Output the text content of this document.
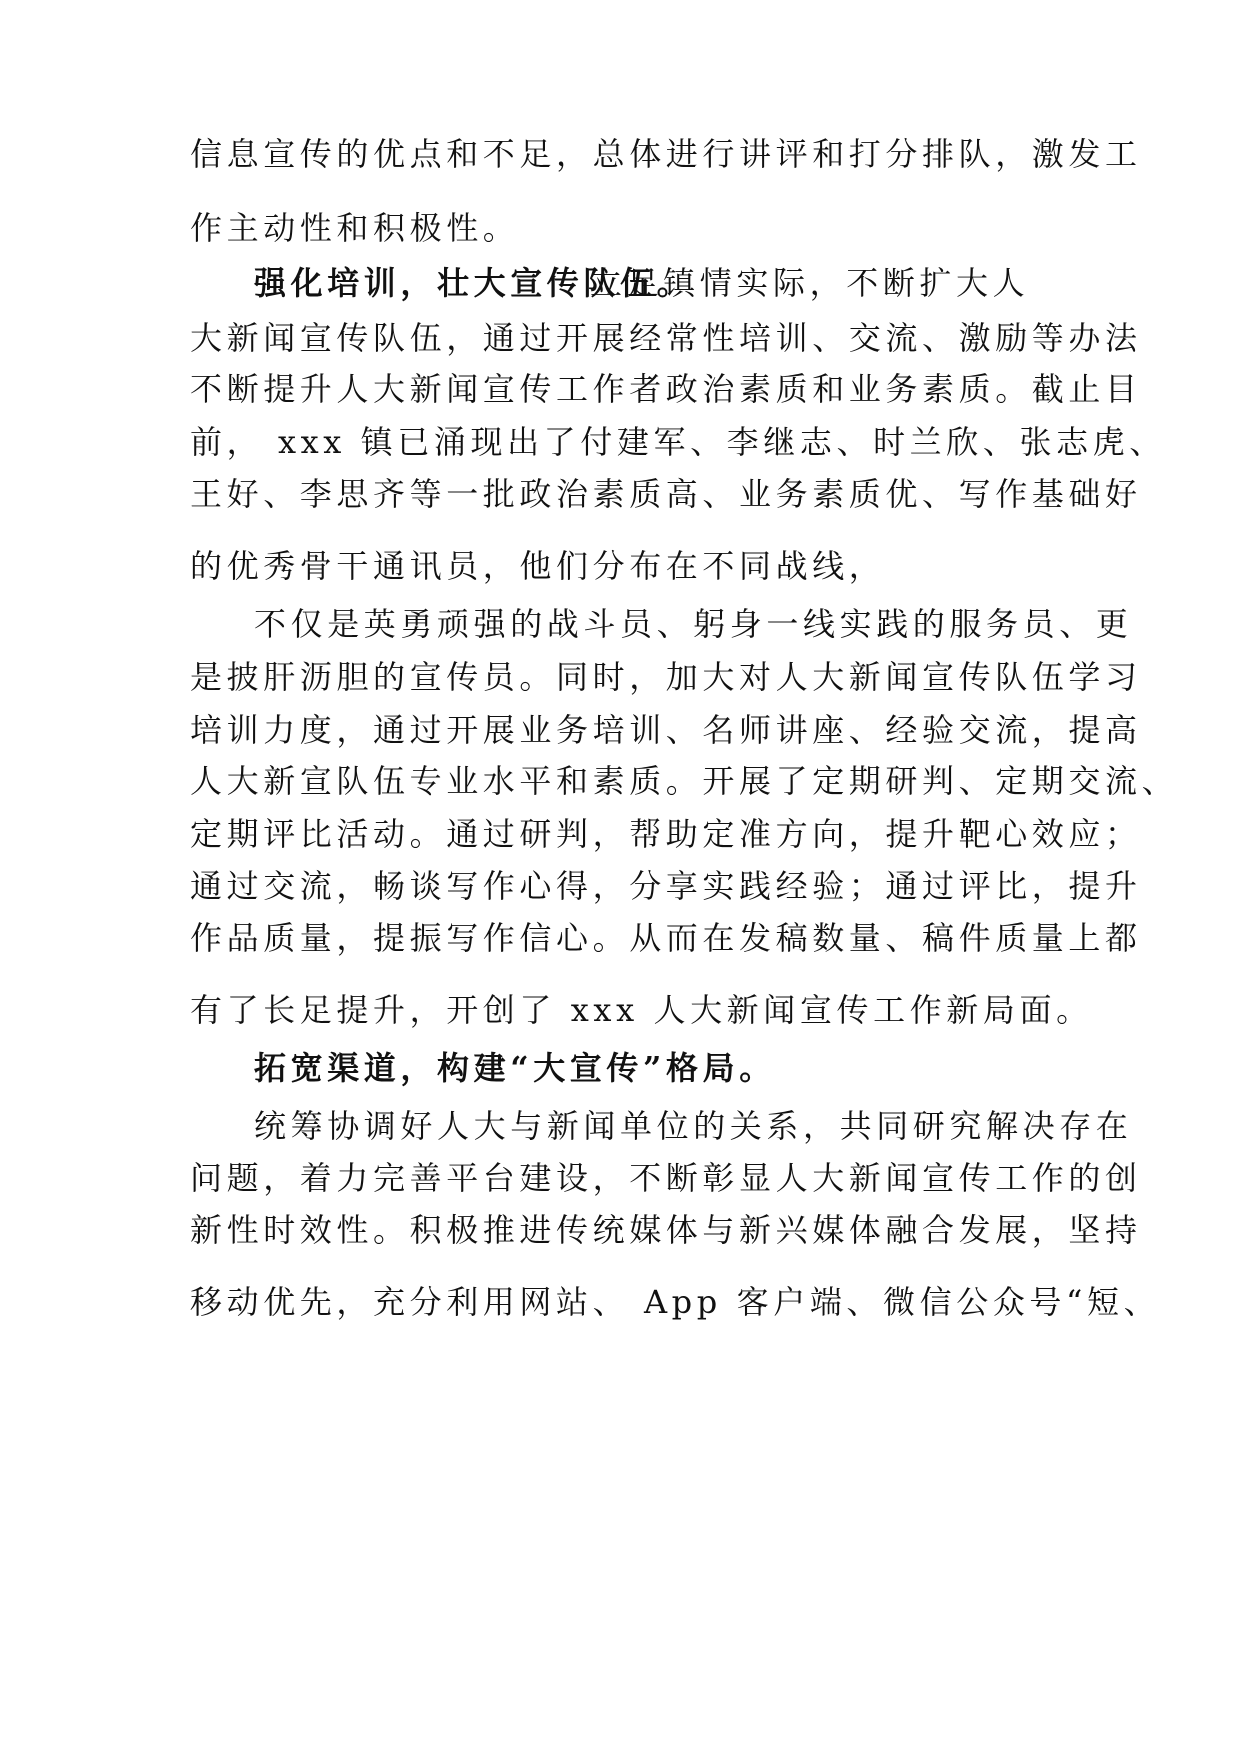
信息宣传的优点和不足，总体进行讲评和打分排队，激发工
作主动性和积极性。
强化培训，壮大宣传队伍。
立足镇情实际，不断扩大人
大新闻宣传队伍，通过开展经常性培训、交流、激励等办法
不断提升人大新闻宣传工作者政治素质和业务素质。截止目
前， xxx 镇已涌现出了付建军、李继志、时兰欣、张志虎、
王好、李思齐等一批政治素质高、业务素质优、写作基础好
的优秀骨干通讯员，他们分布在不同战线，
不仅是英勇顽强的战斗员、躬身一线实践的服务员、更
是披肝沥胆的宣传员。同时，加大对人大新闻宣传队伍学习
培训力度，通过开展业务培训、名师讲座、经验交流，提高
人大新宣队伍专业水平和素质。开展了定期研判、定期交流、
定期评比活动。通过研判，帮助定准方向，提升靶心效应；
通过交流，畅谈写作心得，分享实践经验；通过评比，提升
作品质量，提振写作信心。从而在发稿数量、稿件质量上都
有了长足提升，开创了 xxx 人大新闻宣传工作新局面。
拓宽渠道，构建“大宣传”格局。
统筹协调好人大与新闻单位的关系，共同研究解决存在
问题，着力完善平台建设，不断彰显人大新闻宣传工作的创
新性时效性。积极推进传统媒体与新兴媒体融合发展，坚持
移动优先，充分利用网站、 App 客户端、微信公众号“短、
